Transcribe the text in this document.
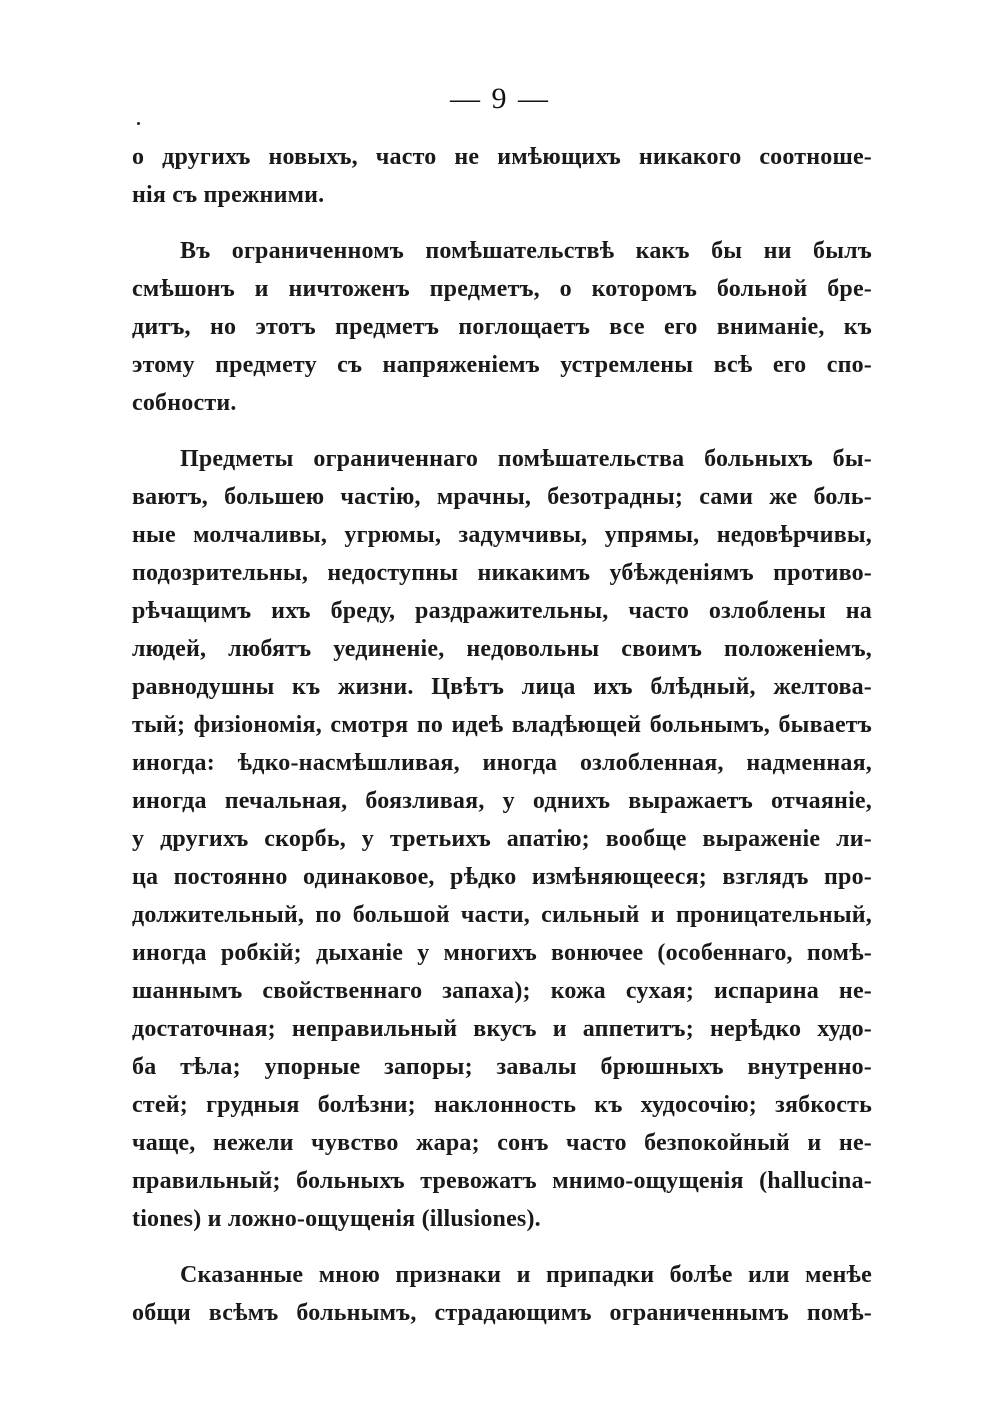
— 9 —
о другихъ новыхъ, часто не имѣющихъ никакого соотноше-
нія съ прежними.
Въ ограниченномъ помѣшательствѣ какъ бы ни былъ
смѣшонъ и ничтоженъ предметъ, о которомъ больной бре-
дитъ, но этотъ предметъ поглощаетъ все его вниманіе, къ
этому предмету съ напряженіемъ устремлены всѣ его спо-
собности.
Предметы ограниченнаго помѣшательства больныхъ бы-
ваютъ, большею частію, мрачны, безотрадны; сами же боль-
ные молчаливы, угрюмы, задумчивы, упрямы, недовѣрчивы,
подозрительны, недоступны никакимъ убѣжденіямъ противо-
рѣчащимъ ихъ бреду, раздражительны, часто озлоблены на
людей, любятъ уединеніе, недовольны своимъ положеніемъ,
равнодушны къ жизни. Цвѣтъ лица ихъ блѣдный, желтова-
тый; физіономія, смотря по идеѣ владѣющей больнымъ, бываетъ
иногда: ѣдко-насмѣшливая, иногда озлобленная, надменная,
иногда печальная, боязливая, у однихъ выражаетъ отчаяніе,
у другихъ скорбь, у третьихъ апатію; вообще выраженіе ли-
ца постоянно одинаковое, рѣдко измѣняющееся; взглядъ про-
должительный, по большой части, сильный и проницательный,
иногда робкій; дыханіе у многихъ вонючее (особеннаго, помѣ-
шаннымъ свойственнаго запаха); кожа сухая; испарина не-
достаточная; неправильный вкусъ и аппетитъ; нерѣдко худо-
ба тѣла; упорные запоры; завалы брюшныхъ внутренно-
стей; грудныя болѣзни; наклонность къ худосочію; зябкость
чаще, нежели чувство жара; сонъ часто безпокойный и не-
правильный; больныхъ тревожатъ мнимо-ощущенія (hallucina-
tiones) и ложно-ощущенія (illusiones).
Сказанные мною признаки и припадки болѣе или менѣе
общи всѣмъ больнымъ, страдающимъ ограниченнымъ помѣ-
